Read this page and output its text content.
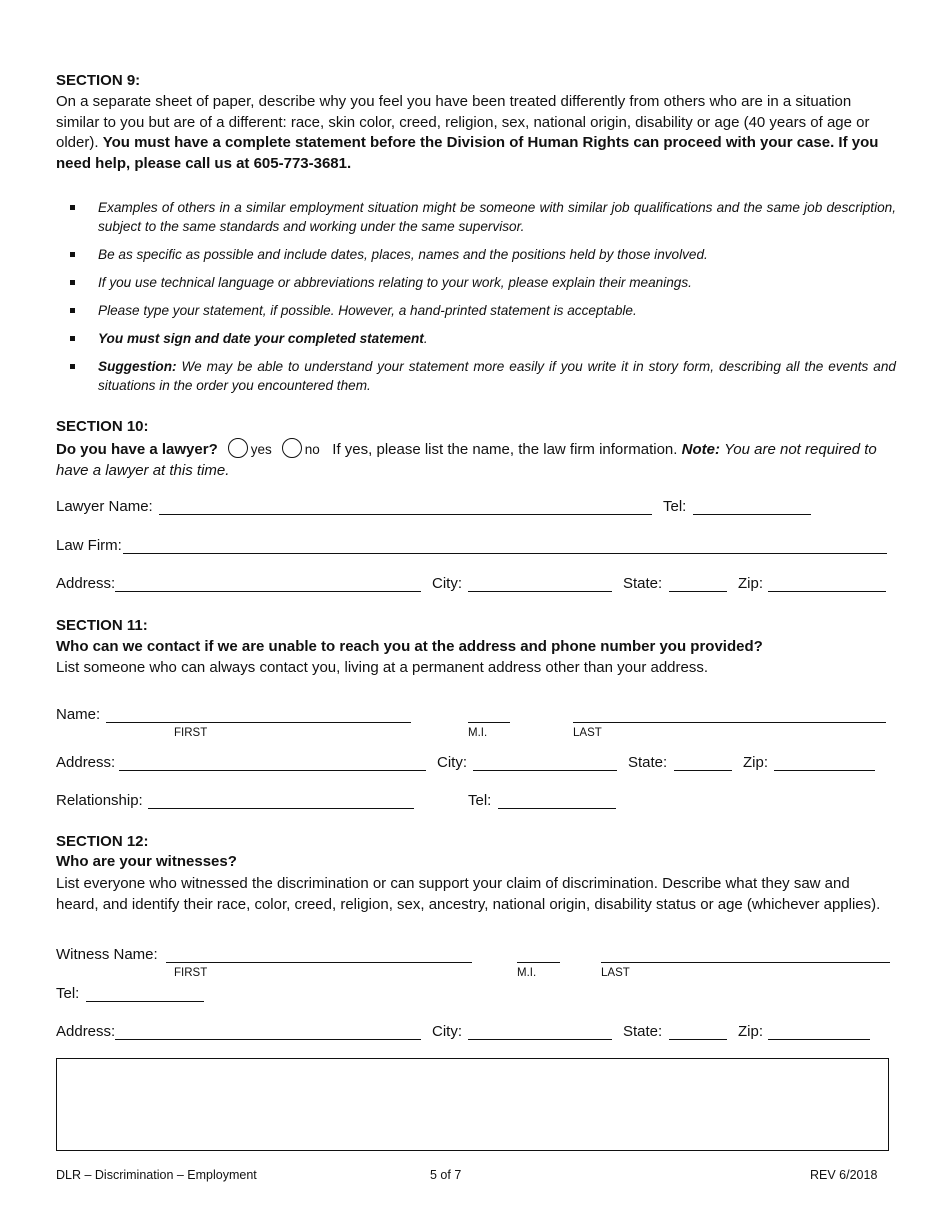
SECTION 9:
On a separate sheet of paper, describe why you feel you have been treated differently from others who are in a situation similar to you but are of a different: race, skin color, creed, religion, sex, national origin, disability or age (40 years of age or older). You must have a complete statement before the Division of Human Rights can proceed with your case. If you need help, please call us at 605-773-3681.
Examples of others in a similar employment situation might be someone with similar job qualifications and the same job description, subject to the same standards and working under the same supervisor.
Be as specific as possible and include dates, places, names and the positions held by those involved.
If you use technical language or abbreviations relating to your work, please explain their meanings.
Please type your statement, if possible. However, a hand-printed statement is acceptable.
You must sign and date your completed statement.
Suggestion: We may be able to understand your statement more easily if you write it in story form, describing all the events and situations in the order you encountered them.
SECTION 10:
Do you have a lawyer? yes no If yes, please list the name, the law firm information. Note: You are not required to have a lawyer at this time.
Lawyer Name:	Tel:
Law Firm:
Address:	City:	State:	Zip:
SECTION 11:
Who can we contact if we are unable to reach you at the address and phone number you provided?
List someone who can always contact you, living at a permanent address other than your address.
Name:
FIRST	M.I.	LAST
Address:	City:	State:	Zip:
Relationship:	Tel:
SECTION 12:
Who are your witnesses?
List everyone who witnessed the discrimination or can support your claim of discrimination. Describe what they saw and heard, and identify their race, color, creed, religion, sex, ancestry, national origin, disability status or age (whichever applies).
Witness Name:
FIRST	M.I.	LAST
Tel:
Address:	City:	State:	Zip:
DLR – Discrimination – Employment	5 of 7	REV 6/2018
